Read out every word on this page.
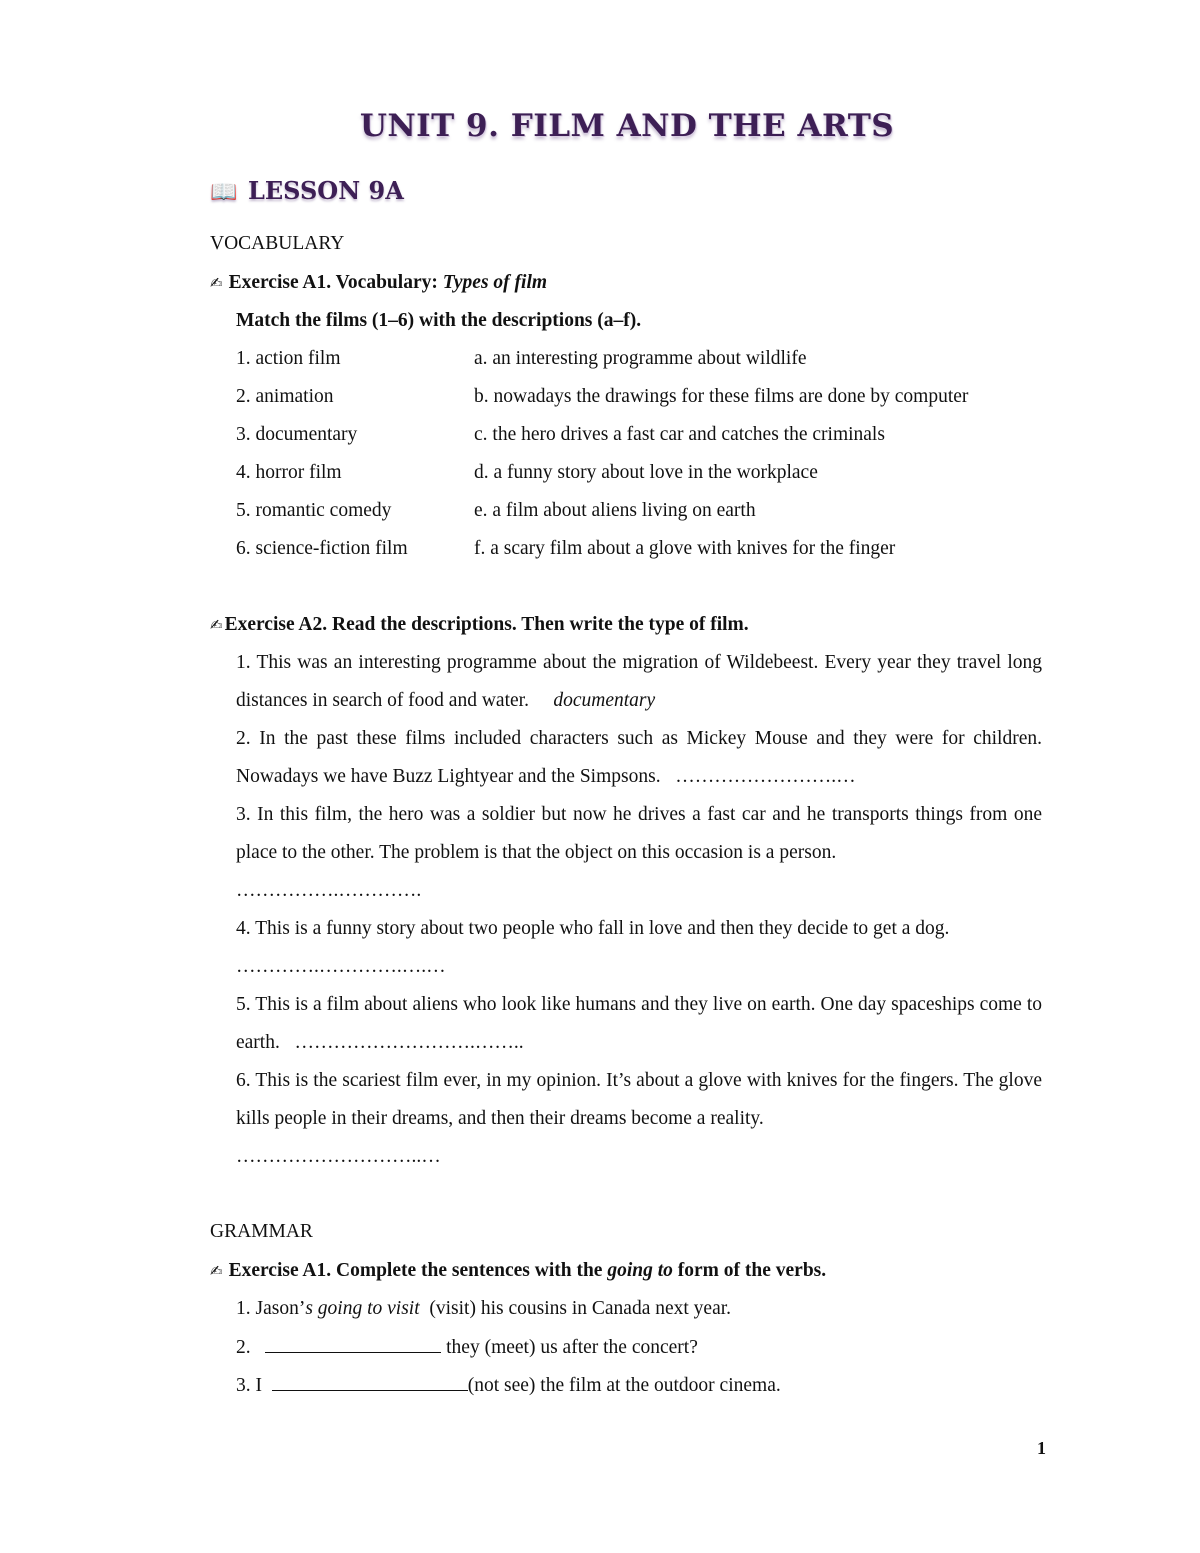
UNIT 9. FILM AND THE ARTS
📖 LESSON 9A
VOCABULARY
✍ Exercise A1. Vocabulary: Types of film
Match the films (1–6) with the descriptions (a–f).
1. action film
2. animation
3. documentary
4. horror film
5. romantic comedy
6. science-fiction film
a. an interesting programme about wildlife
b. nowadays the drawings for these films are done by computer
c. the hero drives a fast car and catches the criminals
d. a funny story about love in the workplace
e. a film about aliens living on earth
f. a scary film about a glove with knives for the finger
✍ Exercise A2. Read the descriptions. Then write the type of film.
1. This was an interesting programme about the migration of Wildebeest. Every year they travel long distances in search of food and water. documentary
2. In the past these films included characters such as Mickey Mouse and they were for children. Nowadays we have Buzz Lightyear and the Simpsons. …………………….…
3. In this film, the hero was a soldier but now he drives a fast car and he transports things from one place to the other. The problem is that the object on this occasion is a person.
…………….………….
4. This is a funny story about two people who fall in love and then they decide to get a dog.
………….………….….…
5. This is a film about aliens who look like humans and they live on earth. One day spaceships come to earth. ……………………….……..
6. This is the scariest film ever, in my opinion. It’s about a glove with knives for the fingers. The glove kills people in their dreams, and then their dreams become a reality.
………………………..…
GRAMMAR
✍ Exercise A1. Complete the sentences with the going to form of the verbs.
1. Jason’s going to visit (visit) his cousins in Canada next year.
2.	they (meet) us after the concert?
3. I	(not see) the film at the outdoor cinema.
1
